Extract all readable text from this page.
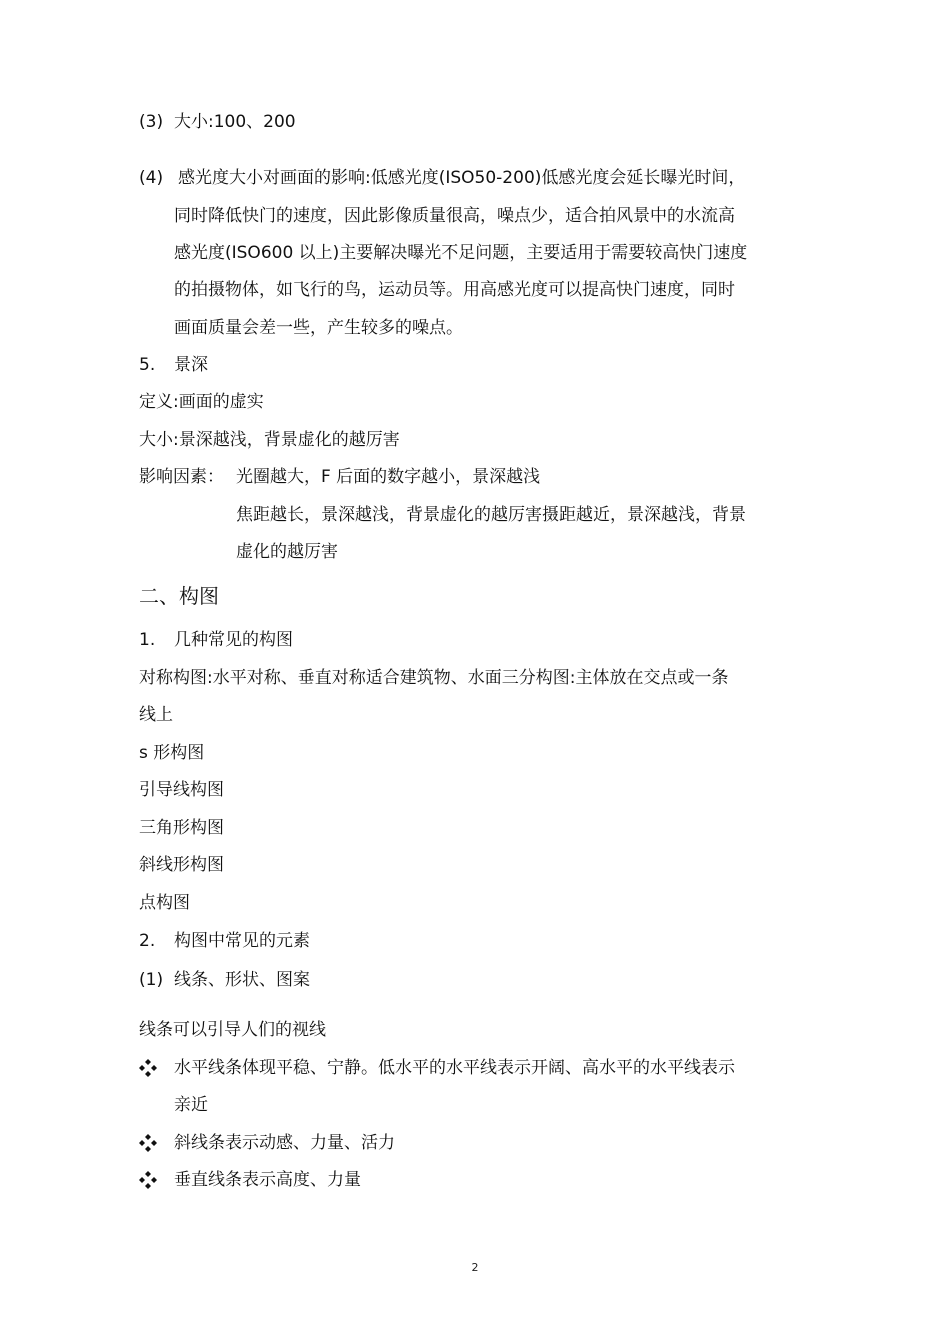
(3) 大小:100、200
(4) 感光度大小对画面的影响:低感光度(ISO50-200)低感光度会延长曝光时间，
同时降低快门的速度，因此影像质量很高，噪点少，适合拍风景中的水流高
感光度(ISO600 以上)主要解决曝光不足问题，主要适用于需要较高快门速度
的拍摄物体，如飞行的鸟，运动员等。用高感光度可以提高快门速度，同时
画面质量会差一些，产生较多的噪点。
5. 景深
定义:画面的虚实
大小:景深越浅，背景虚化的越厉害
影响因素： 光圈越大，F 后面的数字越小，景深越浅
焦距越长，景深越浅，背景虚化的越厉害摄距越近，景深越浅，背景
虚化的越厉害
二、构图
1. 几种常见的构图
对称构图:水平对称、垂直对称适合建筑物、水面三分构图:主体放在交点或一条
线上
s 形构图
引导线构图
三角形构图
斜线形构图
点构图
2. 构图中常见的元素
(1) 线条、形状、图案
线条可以引导人们的视线
水平线条体现平稳、宁静。低水平的水平线表示开阔、高水平的水平线表示
亲近
斜线条表示动感、力量、活力
垂直线条表示高度、力量
2
